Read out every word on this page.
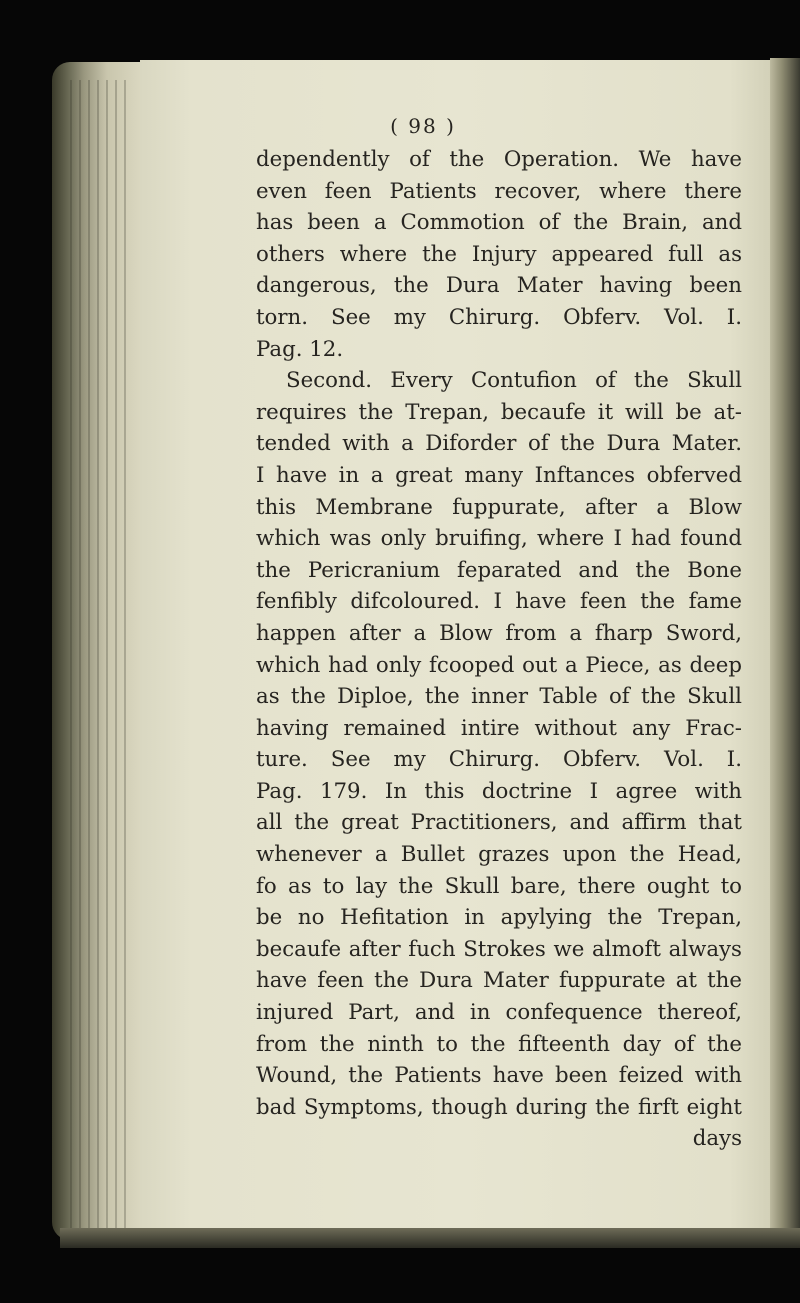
( 98 )
dependently of the Operation. We have
even feen Patients recover, where there
has been a Commotion of the Brain, and
others where the Injury appeared full as
dangerous, the Dura Mater having been
torn. See my Chirurg. Obferv. Vol. I.
Pag. 12.
Second. Every Contufion of the Skull
requires the Trepan, becaufe it will be at-
tended with a Diforder of the Dura Mater.
I have in a great many Inftances obferved
this Membrane fuppurate, after a Blow
which was only bruifing, where I had found
the Pericranium feparated and the Bone
fenfibly difcoloured. I have feen the fame
happen after a Blow from a fharp Sword,
which had only fcooped out a Piece, as deep
as the Diploe, the inner Table of the Skull
having remained intire without any Frac-
ture. See my Chirurg. Obferv. Vol. I.
Pag. 179. In this doctrine I agree with
all the great Practitioners, and affirm that
whenever a Bullet grazes upon the Head,
fo as to lay the Skull bare, there ought to
be no Hefitation in apylying the Trepan,
becaufe after fuch Strokes we almoft always
have feen the Dura Mater fuppurate at the
injured Part, and in confequence thereof,
from the ninth to the fifteenth day of the
Wound, the Patients have been feized with
bad Symptoms, though during the firft eight
days
